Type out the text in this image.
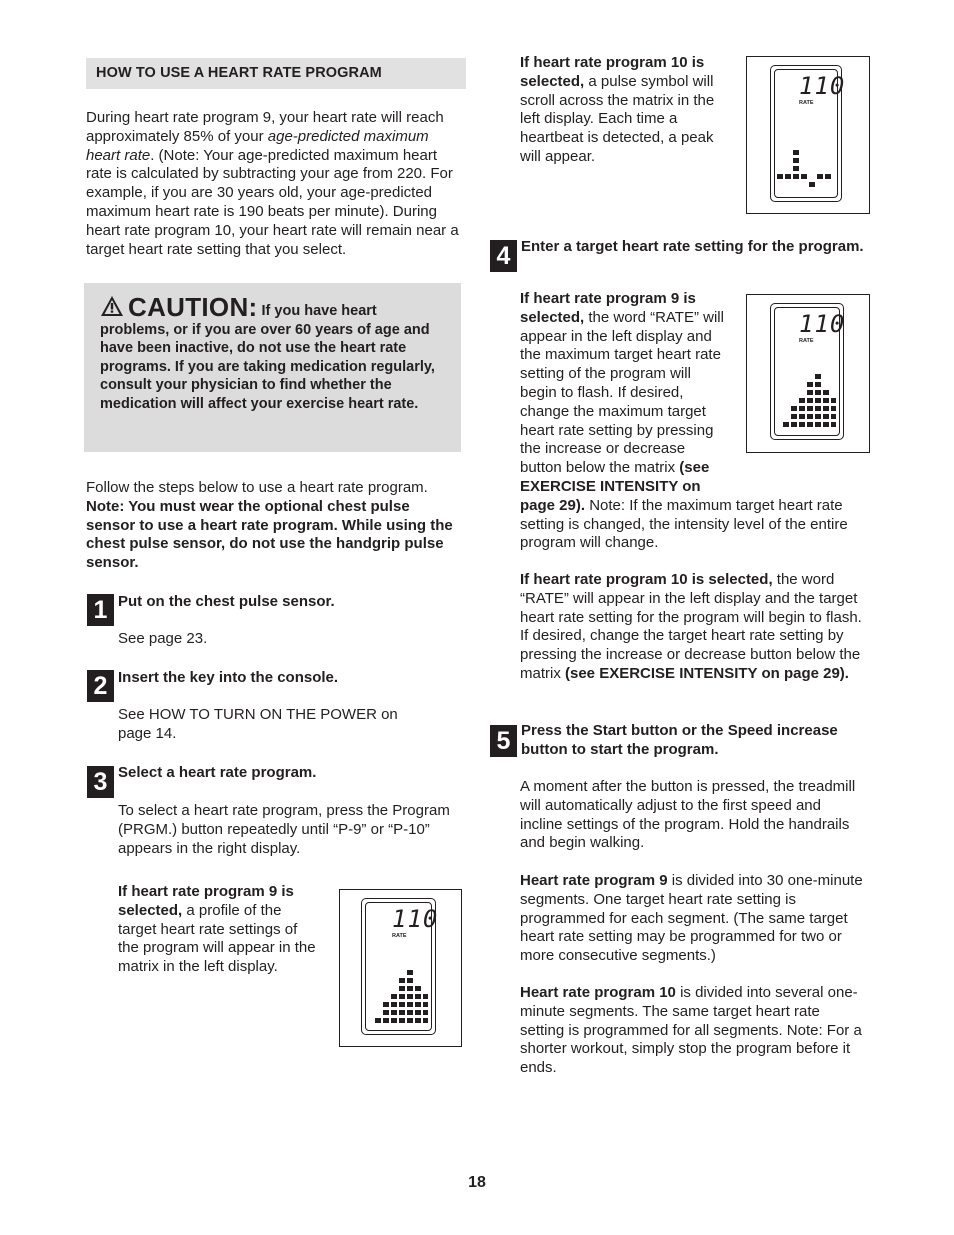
HOW TO USE A HEART RATE PROGRAM

During heart rate program 9, your heart rate will reach approximately 85% of your age-predicted maximum heart rate. (Note: Your age-predicted maximum heart rate is calculated by subtracting your age from 220. For example, if you are 30 years old, your age-predicted maximum heart rate is 190 beats per minute). During heart rate program 10, your heart rate will remain near a target heart rate setting that you select.

CAUTION: If you have heart problems, or if you are over 60 years of age and have been inactive, do not use the heart rate programs. If you are taking medication regularly, consult your physician to find whether the medication will affect your exercise heart rate.

Follow the steps below to use a heart rate program. Note: You must wear the optional chest pulse sensor to use a heart rate program. While using the chest pulse sensor, do not use the handgrip pulse sensor.

1 Put on the chest pulse sensor.

See page 23.

2 Insert the key into the console.

See HOW TO TURN ON THE POWER on page 14.

3 Select a heart rate program.

To select a heart rate program, press the Program (PRGM.) button repeatedly until “P-9” or “P-10” appears in the right display.

If heart rate program 9 is selected, a profile of the target heart rate settings of the program will appear in the matrix in the left display.

110
RATE

If heart rate program 10 is selected, a pulse symbol will scroll across the matrix in the left display. Each time a heartbeat is detected, a peak will appear.

110
RATE
4 Enter a target heart rate setting for the program.

If heart rate program 9 is selected, the word “RATE” will appear in the left display and the maximum target heart rate setting of the program will begin to flash. If desired, change the maximum target heart rate setting by pressing the increase or decrease button below the matrix (see EXERCISE INTENSITY on page 29). Note: If the maximum target heart rate setting is changed, the intensity level of the entire program will change.

110
RATE

If heart rate program 10 is selected, the word “RATE” will appear in the left display and the target heart rate setting for the program will begin to flash. If desired, change the target heart rate setting by pressing the increase or decrease button below the matrix (see EXERCISE INTENSITY on page 29).

5 Press the Start button or the Speed increase button to start the program.

A moment after the button is pressed, the treadmill will automatically adjust to the first speed and incline settings of the program. Hold the handrails and begin walking.

Heart rate program 9 is divided into 30 one-minute segments. One target heart rate setting is programmed for each segment. (The same target heart rate setting may be programmed for two or more consecutive segments.)

Heart rate program 10 is divided into several one-minute segments. The same target heart rate setting is programmed for all segments. Note: For a shorter workout, simply stop the program before it ends.

18
